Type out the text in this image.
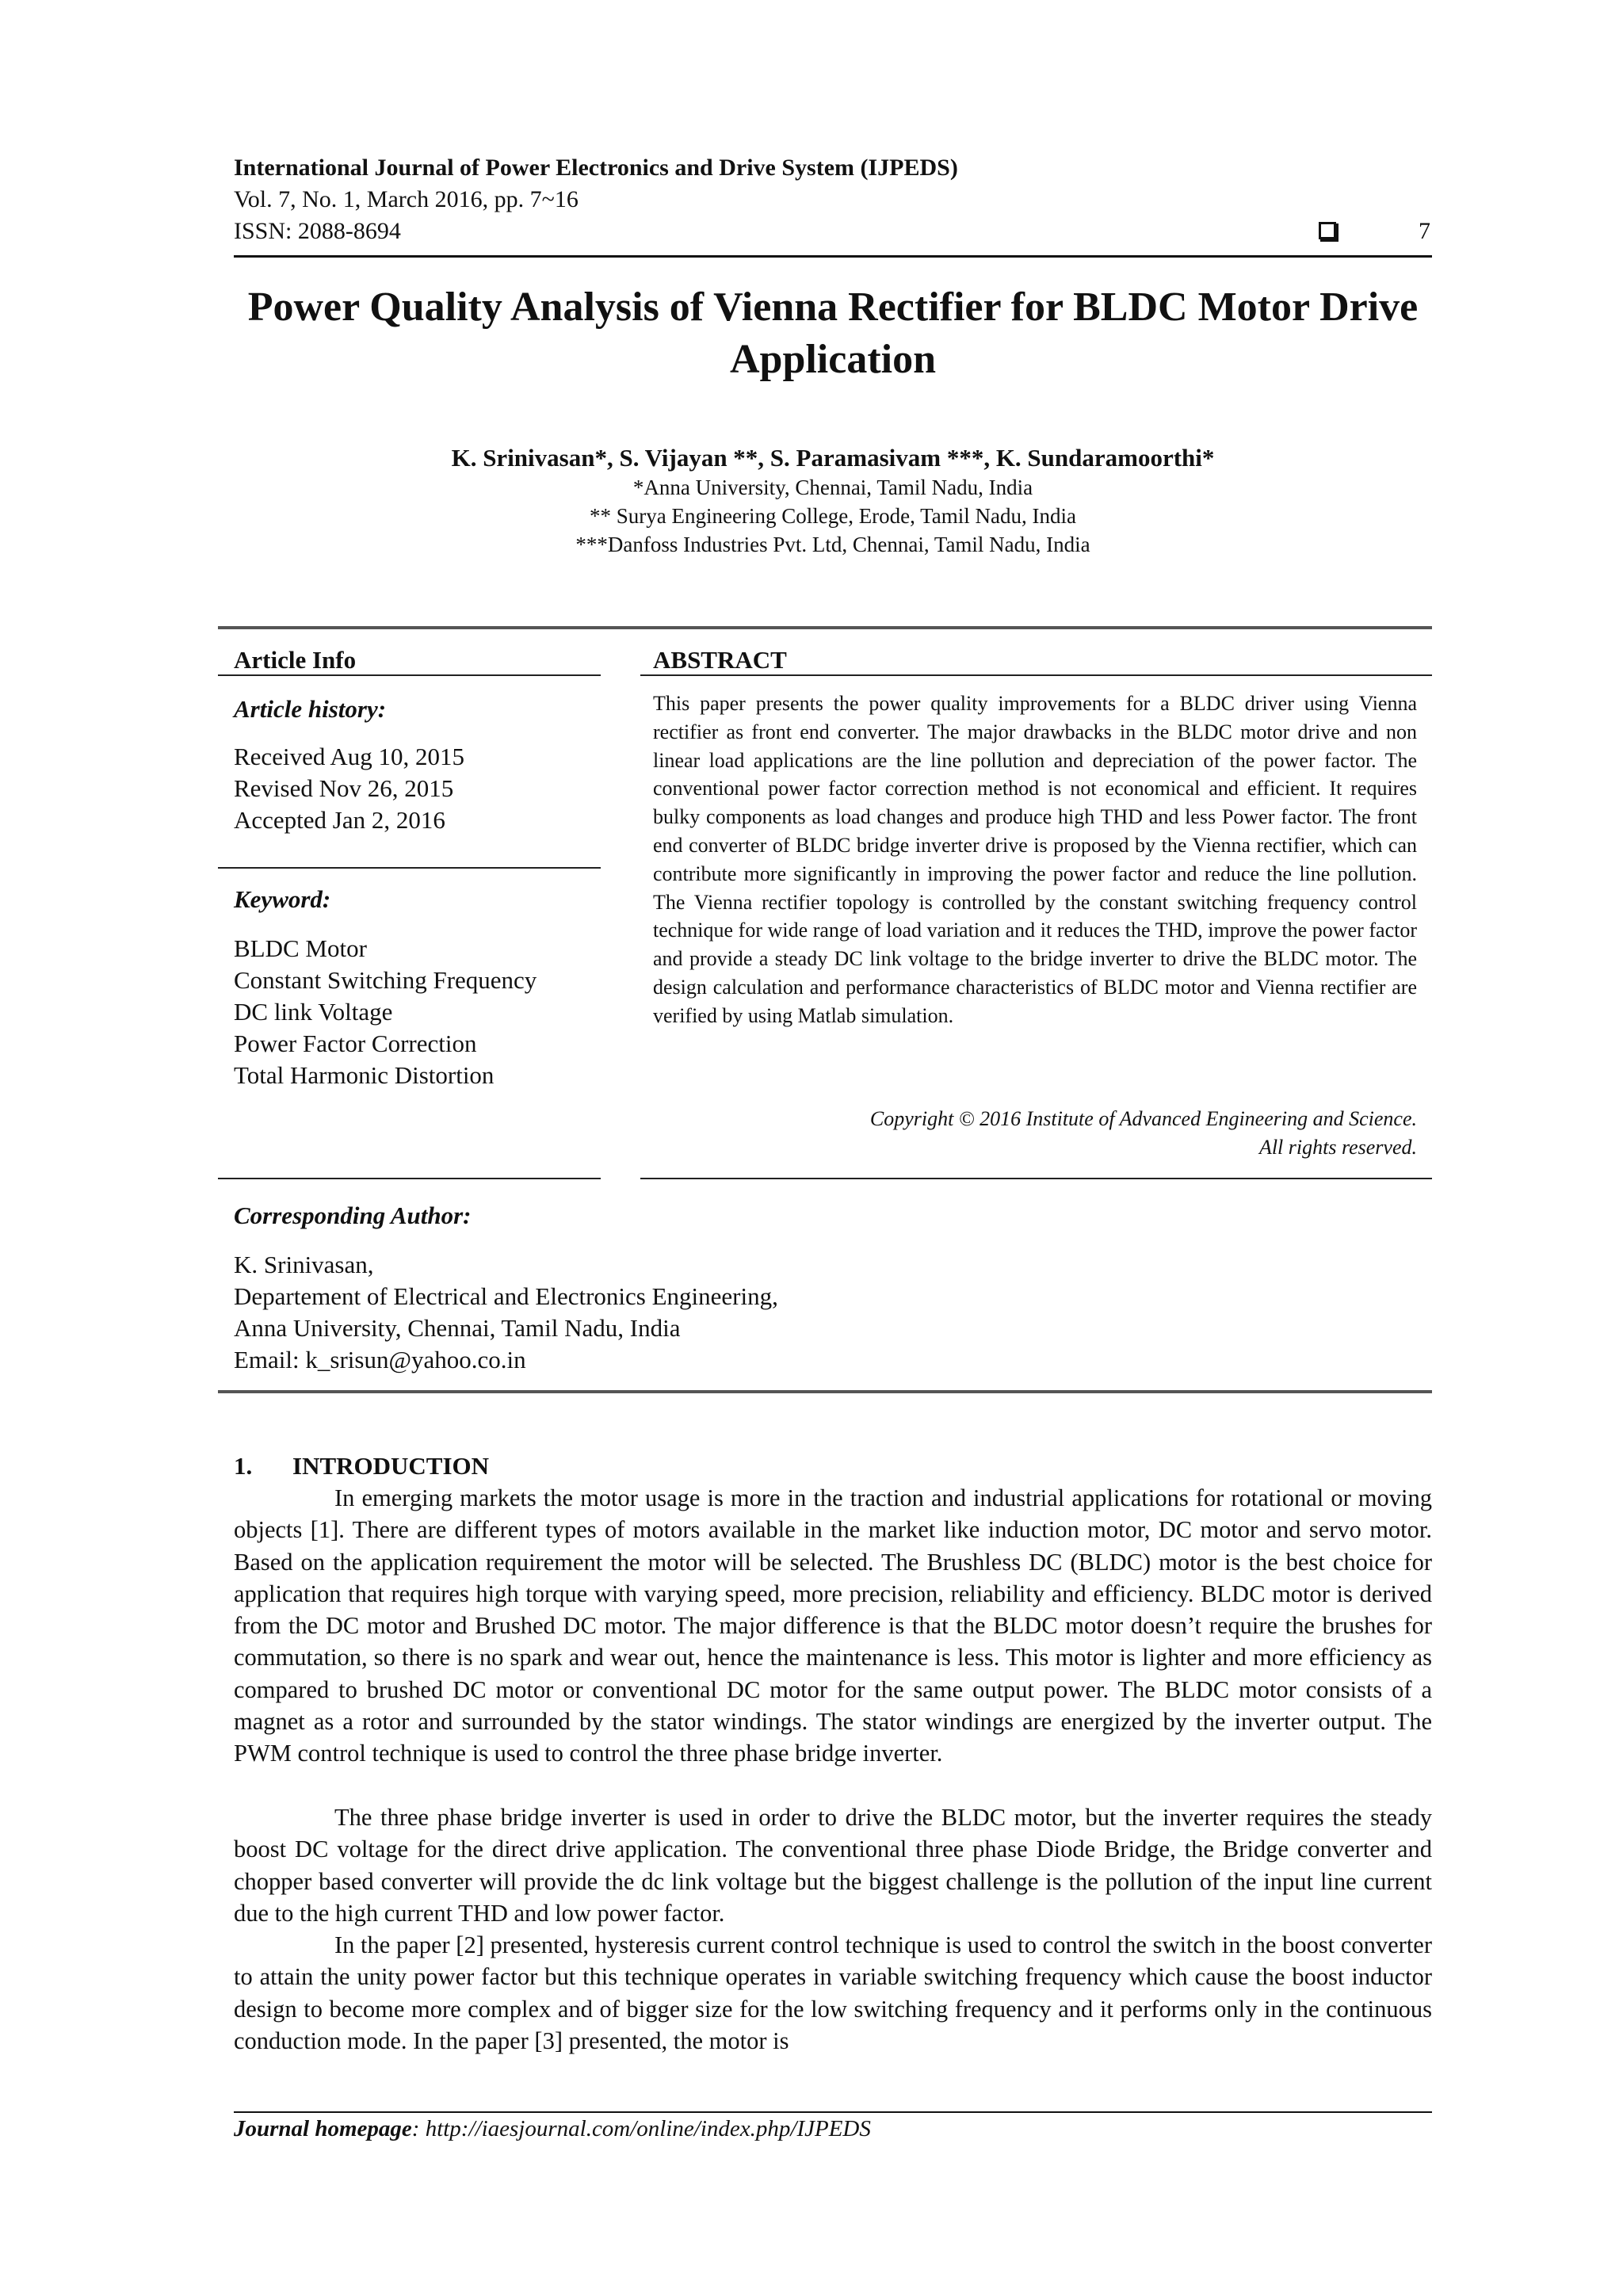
International Journal of Power Electronics and Drive System (IJPEDS)
Vol. 7, No. 1, March 2016, pp. 7~16
ISSN: 2088-8694	7
Power Quality Analysis of Vienna Rectifier for BLDC Motor Drive Application
K. Srinivasan*, S. Vijayan **, S. Paramasivam ***, K. Sundaramoorthi*
*Anna University, Chennai, Tamil Nadu, India
** Surya Engineering College, Erode, Tamil Nadu, India
***Danfoss Industries Pvt. Ltd, Chennai, Tamil Nadu, India
Article Info
Article history:
Received Aug 10, 2015
Revised Nov 26, 2015
Accepted Jan 2, 2016
Keyword:
BLDC Motor
Constant Switching Frequency
DC link Voltage
Power Factor Correction
Total Harmonic Distortion
ABSTRACT
This paper presents the power quality improvements for a BLDC driver using Vienna rectifier as front end converter. The major drawbacks in the BLDC motor drive and non linear load applications are the line pollution and depreciation of the power factor. The conventional power factor correction method is not economical and efficient. It requires bulky components as load changes and produce high THD and less Power factor. The front end converter of BLDC bridge inverter drive is proposed by the Vienna rectifier, which can contribute more significantly in improving the power factor and reduce the line pollution. The Vienna rectifier topology is controlled by the constant switching frequency control technique for wide range of load variation and it reduces the THD, improve the power factor and provide a steady DC link voltage to the bridge inverter to drive the BLDC motor. The design calculation and performance characteristics of BLDC motor and Vienna rectifier are verified by using Matlab simulation.
Copyright © 2016 Institute of Advanced Engineering and Science.
All rights reserved.
Corresponding Author:
K. Srinivasan,
Departement of Electrical and Electronics Engineering,
Anna University, Chennai, Tamil Nadu, India
Email: k_srisun@yahoo.co.in
1. INTRODUCTION

In emerging markets the motor usage is more in the traction and industrial applications for rotational or moving objects [1]. There are different types of motors available in the market like induction motor, DC motor and servo motor. Based on the application requirement the motor will be selected. The Brushless DC (BLDC) motor is the best choice for application that requires high torque with varying speed, more precision, reliability and efficiency. BLDC motor is derived from the DC motor and Brushed DC motor. The major difference is that the BLDC motor doesn’t require the brushes for commutation, so there is no spark and wear out, hence the maintenance is less. This motor is lighter and more efficiency as compared to brushed DC motor or conventional DC motor for the same output power. The BLDC motor consists of a magnet as a rotor and surrounded by the stator windings. The stator windings are energized by the inverter output. The PWM control technique is used to control the three phase bridge inverter.

The three phase bridge inverter is used in order to drive the BLDC motor, but the inverter requires the steady boost DC voltage for the direct drive application. The conventional three phase Diode Bridge, the Bridge converter and chopper based converter will provide the dc link voltage but the biggest challenge is the pollution of the input line current due to the high current THD and low power factor.

In the paper [2] presented, hysteresis current control technique is used to control the switch in the boost converter to attain the unity power factor but this technique operates in variable switching frequency which cause the boost inductor design to become more complex and of bigger size for the low switching frequency and it performs only in the continuous conduction mode. In the paper [3] presented, the motor is

Journal homepage: http://iaesjournal.com/online/index.php/IJPEDS
